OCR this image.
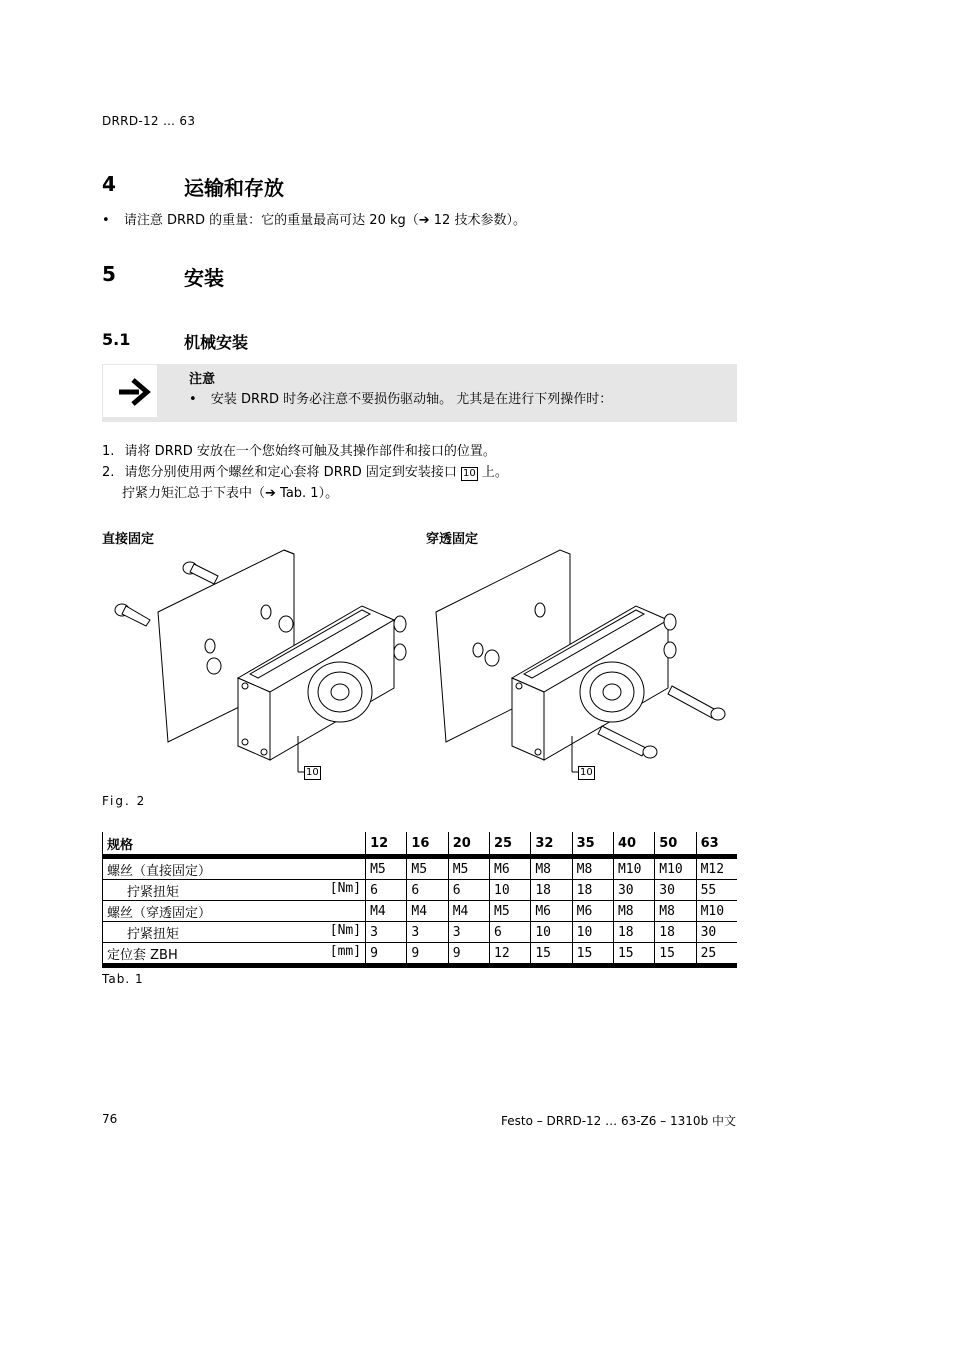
DRRD-12 … 63
4	运输和存放
• 请注意 DRRD 的重量：它的重量最高可达 20 kg（➔ 12 技术参数）。
5	安装
5.1	机械安装
注意
• 安装 DRRD 时务必注意不要损伤驱动轴。 尤其是在进行下列操作时：
1. 请将 DRRD 安放在一个您始终可触及其操作部件和接口的位置。
2. 请您分别使用两个螺丝和定心套将 DRRD 固定到安装接口 10 上。
拧紧力矩汇总于下表中（➔ Tab. 1）。
直接固定	穿透固定
10	10
Fig. 2
规格	12	16	20	25	32	35	40	50	63
螺丝（直接固定）	M5	M5	M5	M6	M8	M8	M10	M10	M12
拧紧扭矩 [Nm]	6	6	6	10	18	18	30	30	55
螺丝（穿透固定）	M4	M4	M4	M5	M6	M6	M8	M8	M10
拧紧扭矩 [Nm]	3	3	3	6	10	10	18	18	30
定位套 ZBH [mm]	9	9	9	12	15	15	15	15	25
Tab. 1
76	Festo – DRRD-12 … 63-Z6 – 1310b 中文
